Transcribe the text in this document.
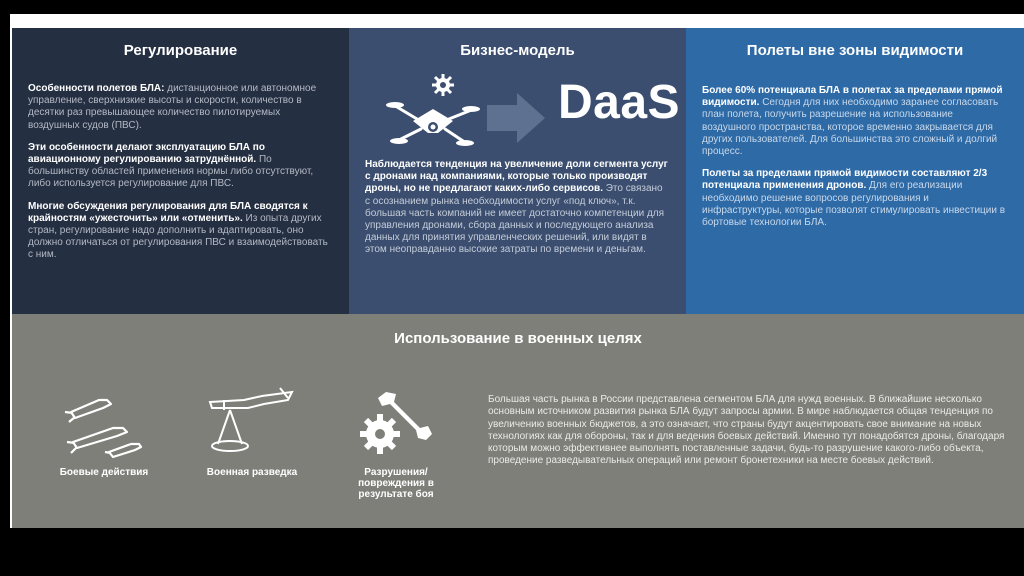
Регулирование

Особенности полетов БЛА: дистанционное или автономное управление, сверхнизкие высоты и скорости, количество в десятки раз превышающее количество пилотируемых воздушных судов (ПВС).

Эти особенности делают эксплуатацию БЛА по авиационному регулированию затруднённой. По большинству областей применения нормы либо отсутствуют, либо используется регулирование для ПВС.

Многие обсуждения регулирования для БЛА сводятся к крайностям «ужесточить» или «отменить». Из опыта других стран, регулирование надо дополнить и адаптировать, оно должно отличаться от регулирования ПВС и взаимодействовать с ним.

Бизнес-модель
DaaS

Наблюдается тенденция на увеличение доли сегмента услуг с дронами над компаниями, которые только производят дроны, но не предлагают каких-либо сервисов. Это связано с осознанием рынка необходимости услуг «под ключ», т.к. большая часть компаний не имеет достаточно компетенции для управления дронами, сбора данных и последующего анализа данных для принятия управленческих решений, или видят в этом неоправданно высокие затраты по времени и деньгам.

Полеты вне зоны видимости

Более 60% потенциала БЛА в полетах за пределами прямой видимости. Сегодня для них необходимо заранее согласовать план полета, получить разрешение на использование воздушного пространства, которое временно закрывается для других пользователей. Для большинства это сложный и долгий процесс.

Полеты за пределами прямой видимости составляют 2/3 потенциала применения дронов. Для его реализации необходимо решение вопросов регулирования и инфраструктуры, которые позволят стимулировать инвестиции в бортовые технологии БЛА.

Использование в военных целях
Боевые действия	Военная разведка	Разрушения/ повреждения в результате боя
Большая часть рынка в России представлена сегментом БЛА для нужд военных. В ближайшие несколько основным источником развития рынка БЛА будут запросы армии. В мире наблюдается общая тенденция по увеличению военных бюджетов, а это означает, что страны будут акцентировать свое внимание на новых технологиях как для обороны, так и для ведения боевых действий. Именно тут понадобятся дроны, благодаря которым можно эффективнее выполнять поставленные задачи, будь-то разрушение какого-либо объекта, проведение разведывательных операций или ремонт бронетехники на месте боевых действий.
